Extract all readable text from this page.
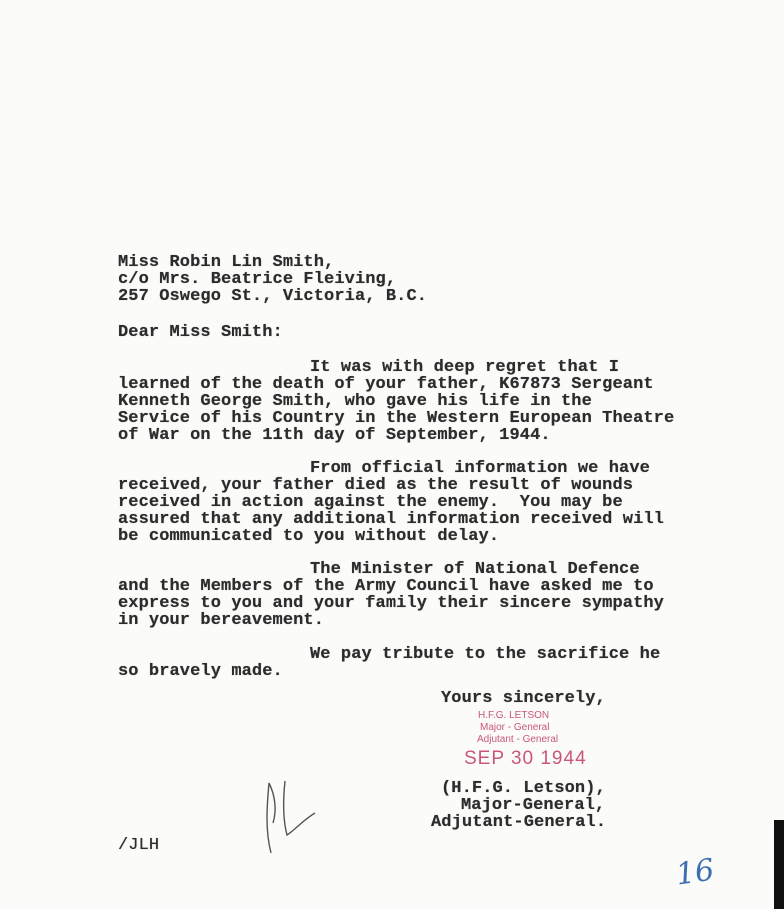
Miss Robin Lin Smith,
c/o Mrs. Beatrice Fleiving,
257 Oswego St., Victoria, B.C.
Dear Miss Smith:
It was with deep regret that I
learned of the death of your father, K67873 Sergeant
Kenneth George Smith, who gave his life in the
Service of his Country in the Western European Theatre
of War on the 11th day of September, 1944.
From official information we have
received, your father died as the result of wounds
received in action against the enemy.  You may be
assured that any additional information received will
be communicated to you without delay.
The Minister of National Defence
and the Members of the Army Council have asked me to
express to you and your family their sincere sympathy
in your bereavement.
We pay tribute to the sacrifice he
so bravely made.
Yours sincerely,
H.F.G. LETSON
Major - General
Adjutant - General
SEP 30 1944
(H.F.G. Letson),
Major-General,
Adjutant-General.
/JLH
16
